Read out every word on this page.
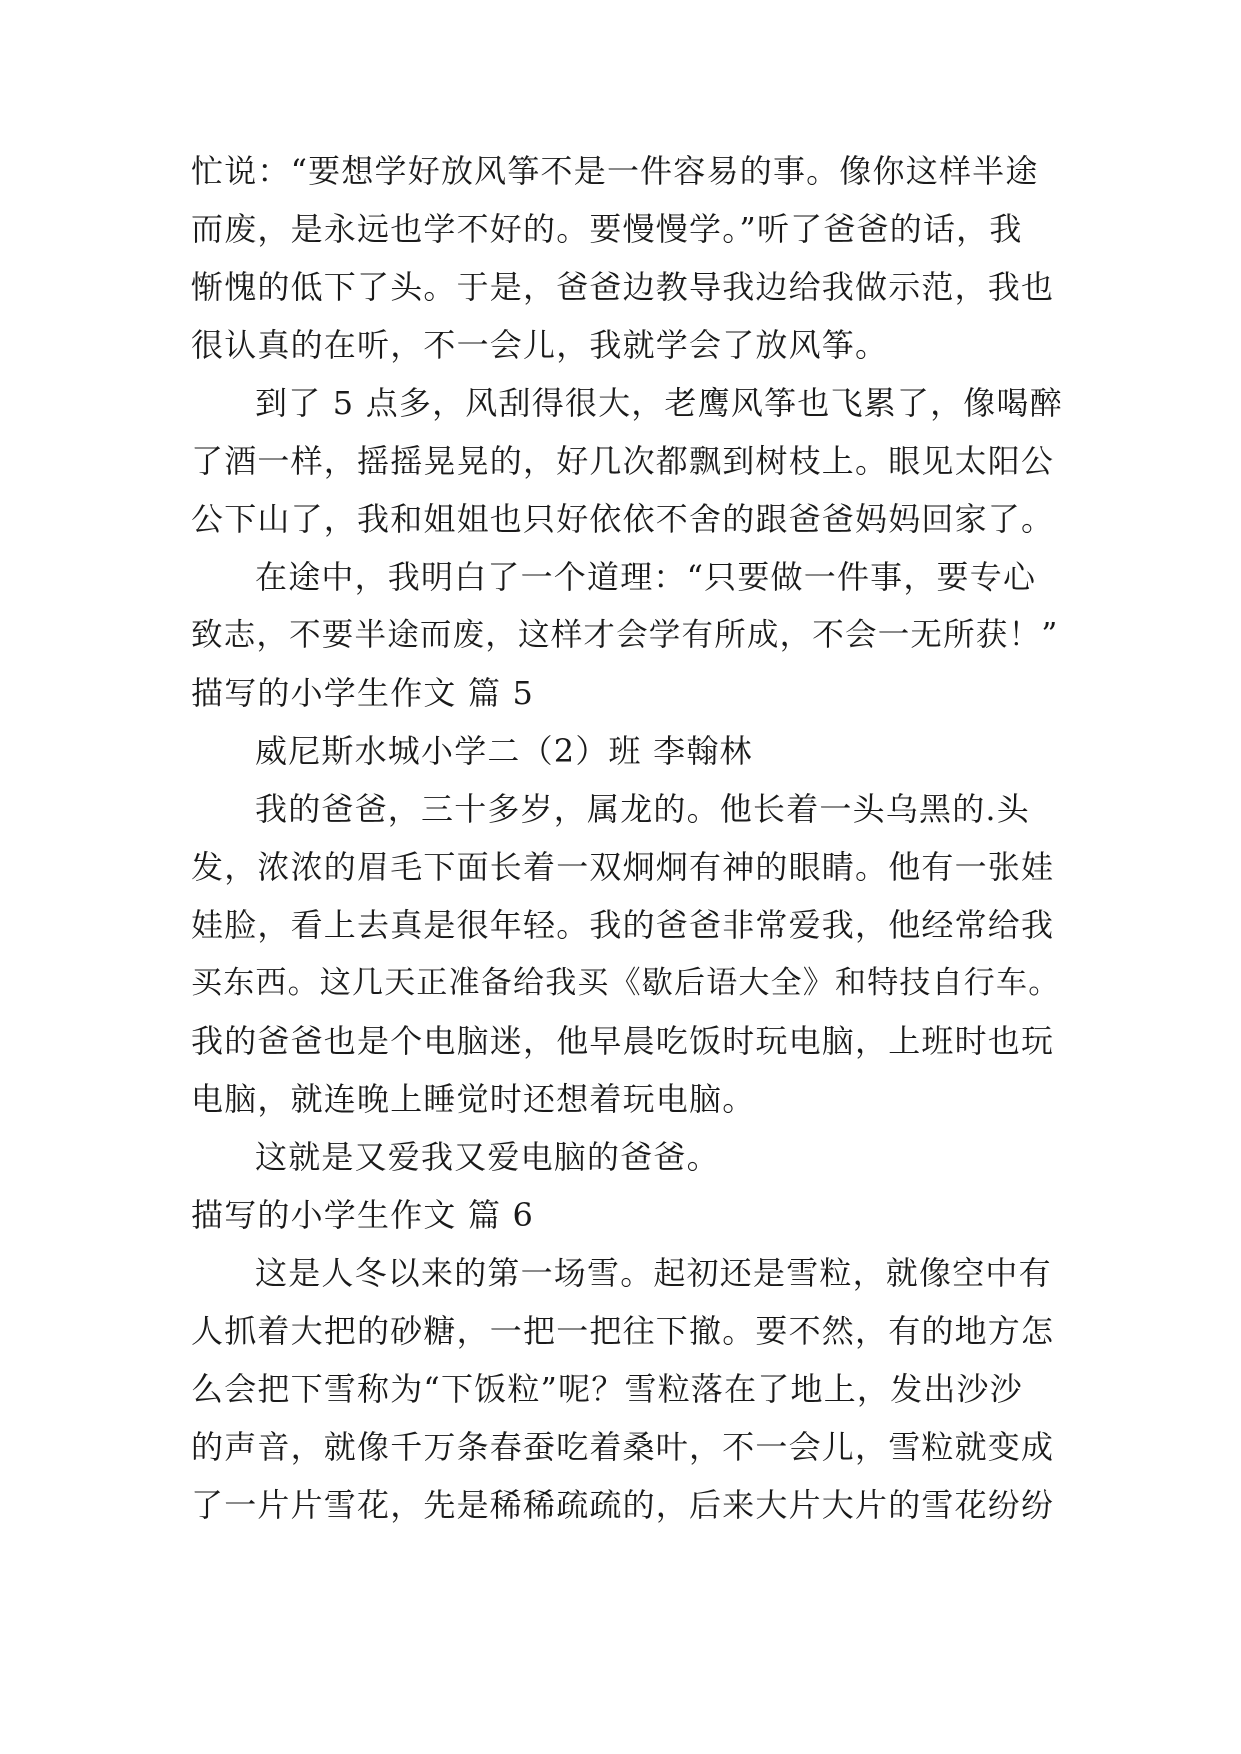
忙说：“要想学好放风筝不是一件容易的事。像你这样半途
而废，是永远也学不好的。要慢慢学。”听了爸爸的话，我
惭愧的低下了头。于是，爸爸边教导我边给我做示范，我也
很认真的在听，不一会儿，我就学会了放风筝。
到了 5 点多，风刮得很大，老鹰风筝也飞累了，像喝醉
了酒一样，摇摇晃晃的，好几次都飘到树枝上。眼见太阳公
公下山了，我和姐姐也只好依依不舍的跟爸爸妈妈回家了。
在途中，我明白了一个道理：“只要做一件事，要专心
致志，不要半途而废，这样才会学有所成，不会一无所获！”
描写的小学生作文 篇 5
威尼斯水城小学二（2）班 李翰林
我的爸爸，三十多岁，属龙的。他长着一头乌黑的.头
发，浓浓的眉毛下面长着一双炯炯有神的眼睛。他有一张娃
娃脸，看上去真是很年轻。我的爸爸非常爱我，他经常给我
买东西。这几天正准备给我买《歇后语大全》和特技自行车。
我的爸爸也是个电脑迷，他早晨吃饭时玩电脑，上班时也玩
电脑，就连晚上睡觉时还想着玩电脑。
这就是又爱我又爱电脑的爸爸。
描写的小学生作文 篇 6
这是人冬以来的第一场雪。起初还是雪粒，就像空中有
人抓着大把的砂糖，一把一把往下撤。要不然，有的地方怎
么会把下雪称为“下饭粒”呢？雪粒落在了地上，发出沙沙
的声音，就像千万条春蚕吃着桑叶，不一会儿，雪粒就变成
了一片片雪花，先是稀稀疏疏的，后来大片大片的雪花纷纷
